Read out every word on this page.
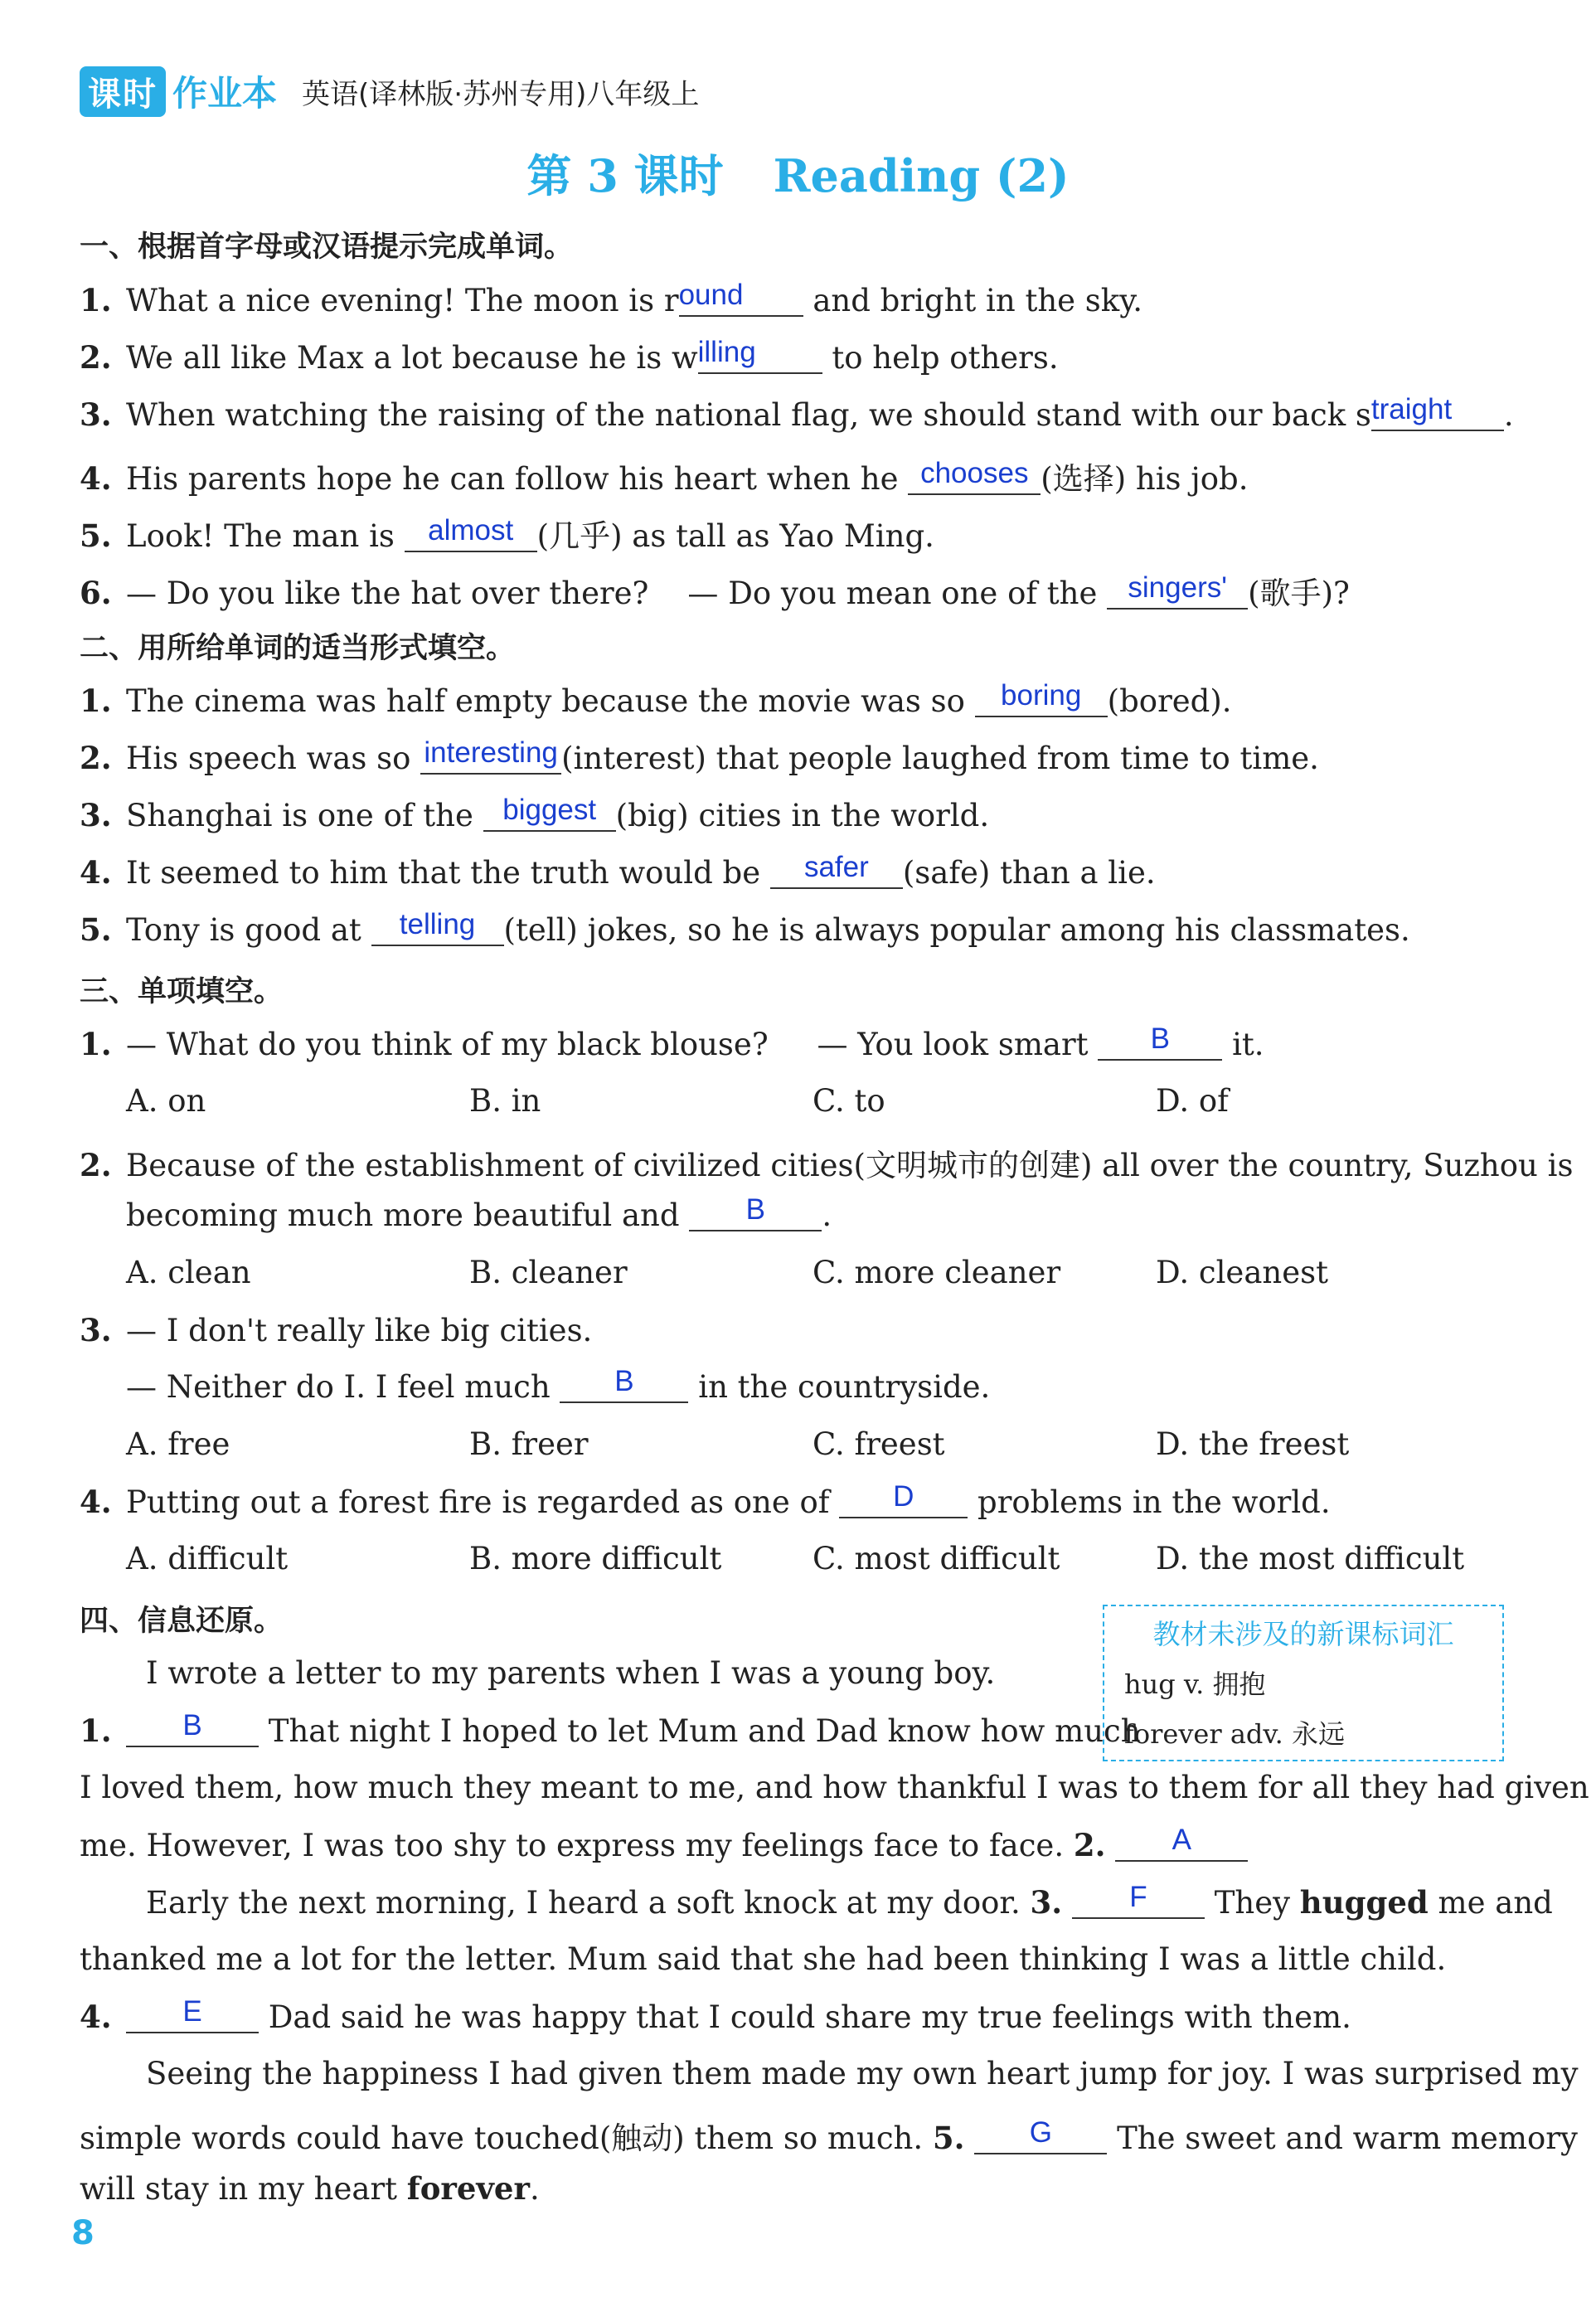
课时 作业本 英语(译林版·苏州专用)八年级上
第 3 课时 Reading (2)
一、根据首字母或汉语提示完成单词。
1. What a nice evening! The moon is round and bright in the sky.
2. We all like Max a lot because he is willing to help others.
3. When watching the raising of the national flag, we should stand with our back straight .
4. His parents hope he can follow his heart when he chooses (选择) his job.
5. Look! The man is almost (几乎) as tall as Yao Ming.
6. — Do you like the hat over there?    — Do you mean one of the singers' (歌手)?
二、用所给单词的适当形式填空。
1. The cinema was half empty because the movie was so boring (bored).
2. His speech was so interesting (interest) that people laughed from time to time.
3. Shanghai is one of the biggest (big) cities in the world.
4. It seemed to him that the truth would be safer (safe) than a lie.
5. Tony is good at telling (tell) jokes, so he is always popular among his classmates.
三、单项填空。
1. — What do you think of my black blouse?     — You look smart B it.
A. on	B. in	C. to	D. of
2. Because of the establishment of civilized cities(文明城市的创建) all over the country, Suzhou is
becoming much more beautiful and B .
A. clean	B. cleaner	C. more cleaner	D. cleanest
3. — I don't really like big cities.
— Neither do I. I feel much B in the countryside.
A. free	B. freer	C. freest	D. the freest
4. Putting out a forest fire is regarded as one of D problems in the world.
A. difficult	B. more difficult	C. most difficult	D. the most difficult
四、信息还原。	教材未涉及的新课标词汇
hug v. 拥抱
forever adv. 永远
I wrote a letter to my parents when I was a young boy.
1. B That night I hoped to let Mum and Dad know how much
I loved them, how much they meant to me, and how thankful I was to them for all they had given
me. However, I was too shy to express my feelings face to face. 2. A
Early the next morning, I heard a soft knock at my door. 3. F They hugged me and
thanked me a lot for the letter. Mum said that she had been thinking I was a little child.
4. E Dad said he was happy that I could share my true feelings with them.
Seeing the happiness I had given them made my own heart jump for joy. I was surprised my
simple words could have touched(触动) them so much. 5. G The sweet and warm memory
will stay in my heart forever.
8
